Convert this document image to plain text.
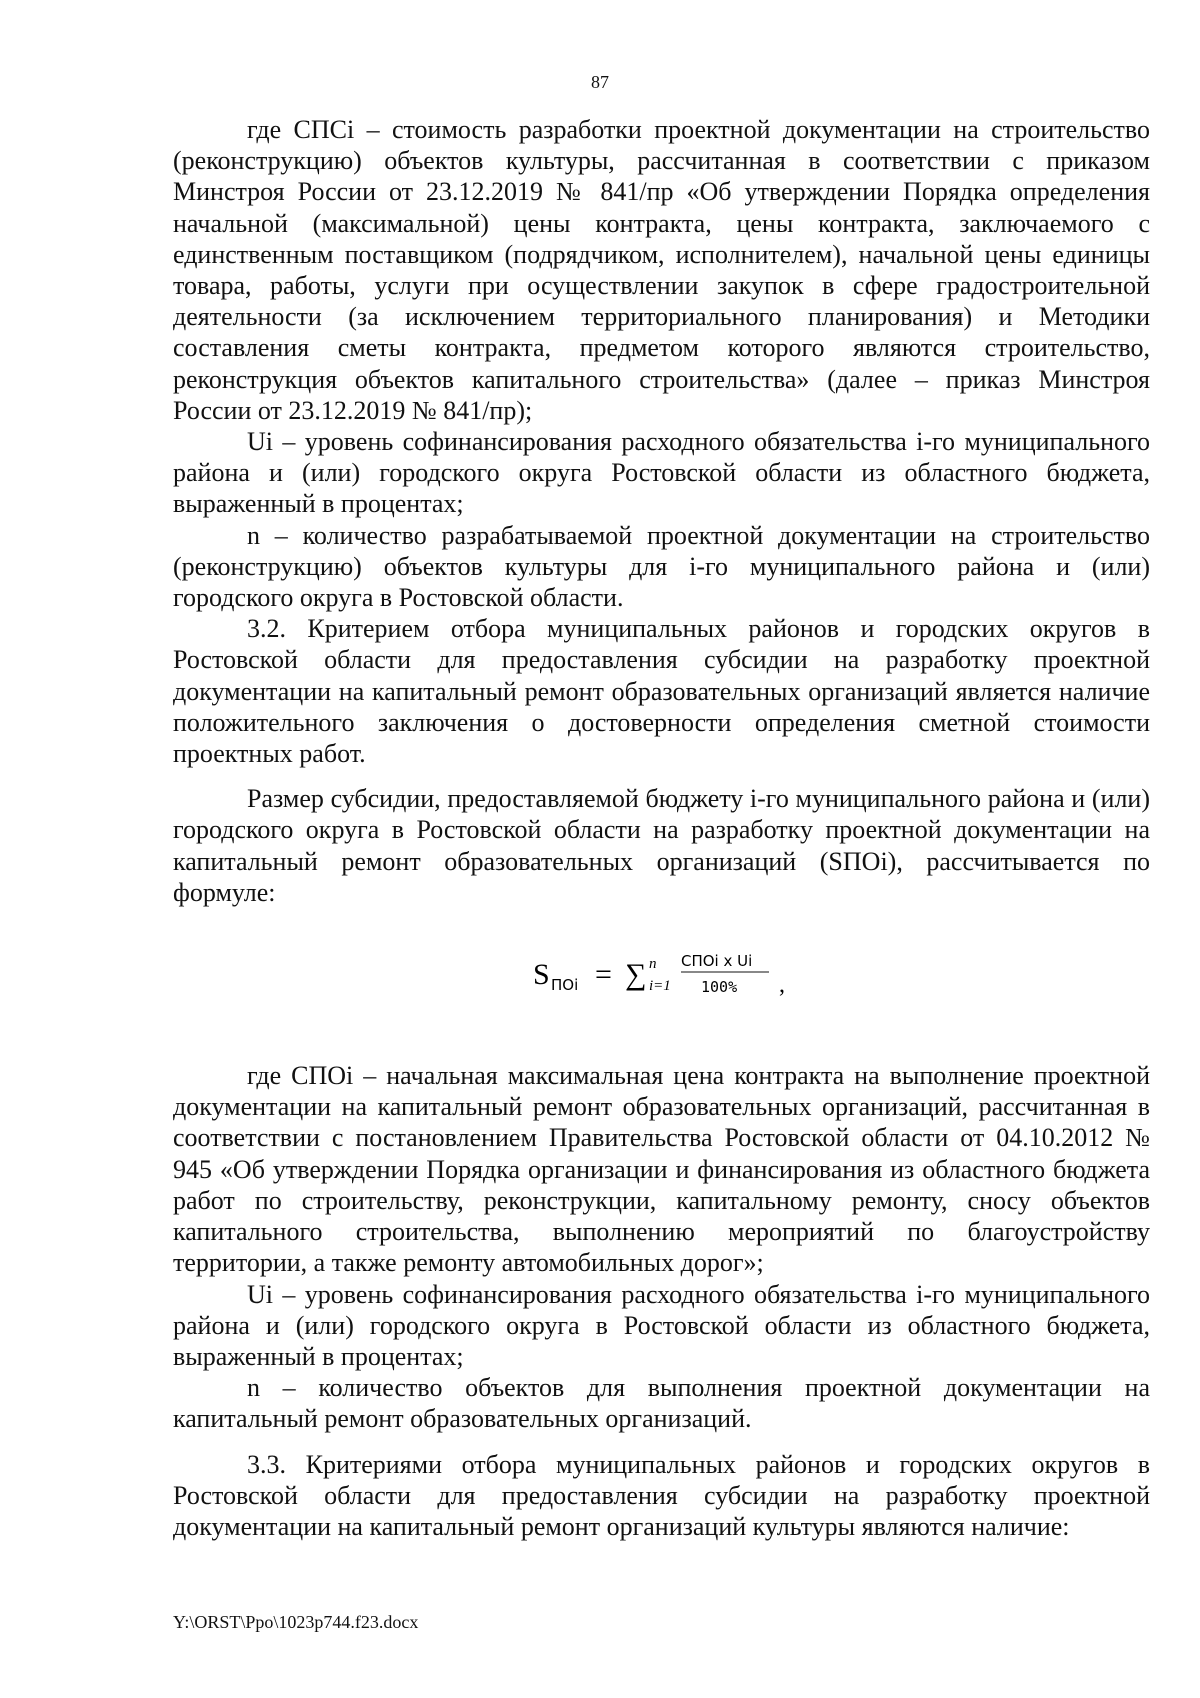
87

где СПСi – стоимость разработки проектной документации на строительство (реконструкцию) объектов культуры, рассчитанная в соответствии с приказом Минстроя России от 23.12.2019 № 841/пр «Об утверждении Порядка определения начальной (максимальной) цены контракта, цены контракта, заключаемого с единственным поставщиком (подрядчиком, исполнителем), начальной цены единицы товара, работы, услуги при осуществлении закупок в сфере градостроительной деятельности (за исключением территориального планирования) и Методики составления сметы контракта, предметом которого являются строительство, реконструкция объектов капитального строительства» (далее – приказ Минстроя России от 23.12.2019 № 841/пр);

Ui – уровень софинансирования расходного обязательства i-го муниципального района и (или) городского округа Ростовской области из областного бюджета, выраженный в процентах;

n – количество разрабатываемой проектной документации на строительство (реконструкцию) объектов культуры для i-го муниципального района и (или) городского округа в Ростовской области.

3.2. Критерием отбора муниципальных районов и городских округов в Ростовской области для предоставления субсидии на разработку проектной документации на капитальный ремонт образовательных организаций является наличие положительного заключения о достоверности определения сметной стоимости проектных работ.

Размер субсидии, предоставляемой бюджету i-го муниципального района и (или) городского округа в Ростовской области на разработку проектной документации на капитальный ремонт образовательных организаций (SПОi), рассчитывается по формуле:

S ПОi = ∑ n
i=1
CПОi x Ui
100% ,

где СПОi – начальная максимальная цена контракта на выполнение проектной документации на капитальный ремонт образовательных организаций, рассчитанная в соответствии с постановлением Правительства Ростовской области от 04.10.2012 № 945 «Об утверждении Порядка организации и финансирования из областного бюджета работ по строительству, реконструкции, капитальному ремонту, сносу объектов капитального строительства, выполнению мероприятий по благоустройству территории, а также ремонту автомобильных дорог»;

Ui – уровень софинансирования расходного обязательства i-го муниципального района и (или) городского округа в Ростовской области из областного бюджета, выраженный в процентах;

n – количество объектов для выполнения проектной документации на капитальный ремонт образовательных организаций.

3.3. Критериями отбора муниципальных районов и городских округов в Ростовской области для предоставления субсидии на разработку проектной документации на капитальный ремонт организаций культуры являются наличие:

Y:\ORST\Ppo\1023p744.f23.docx
